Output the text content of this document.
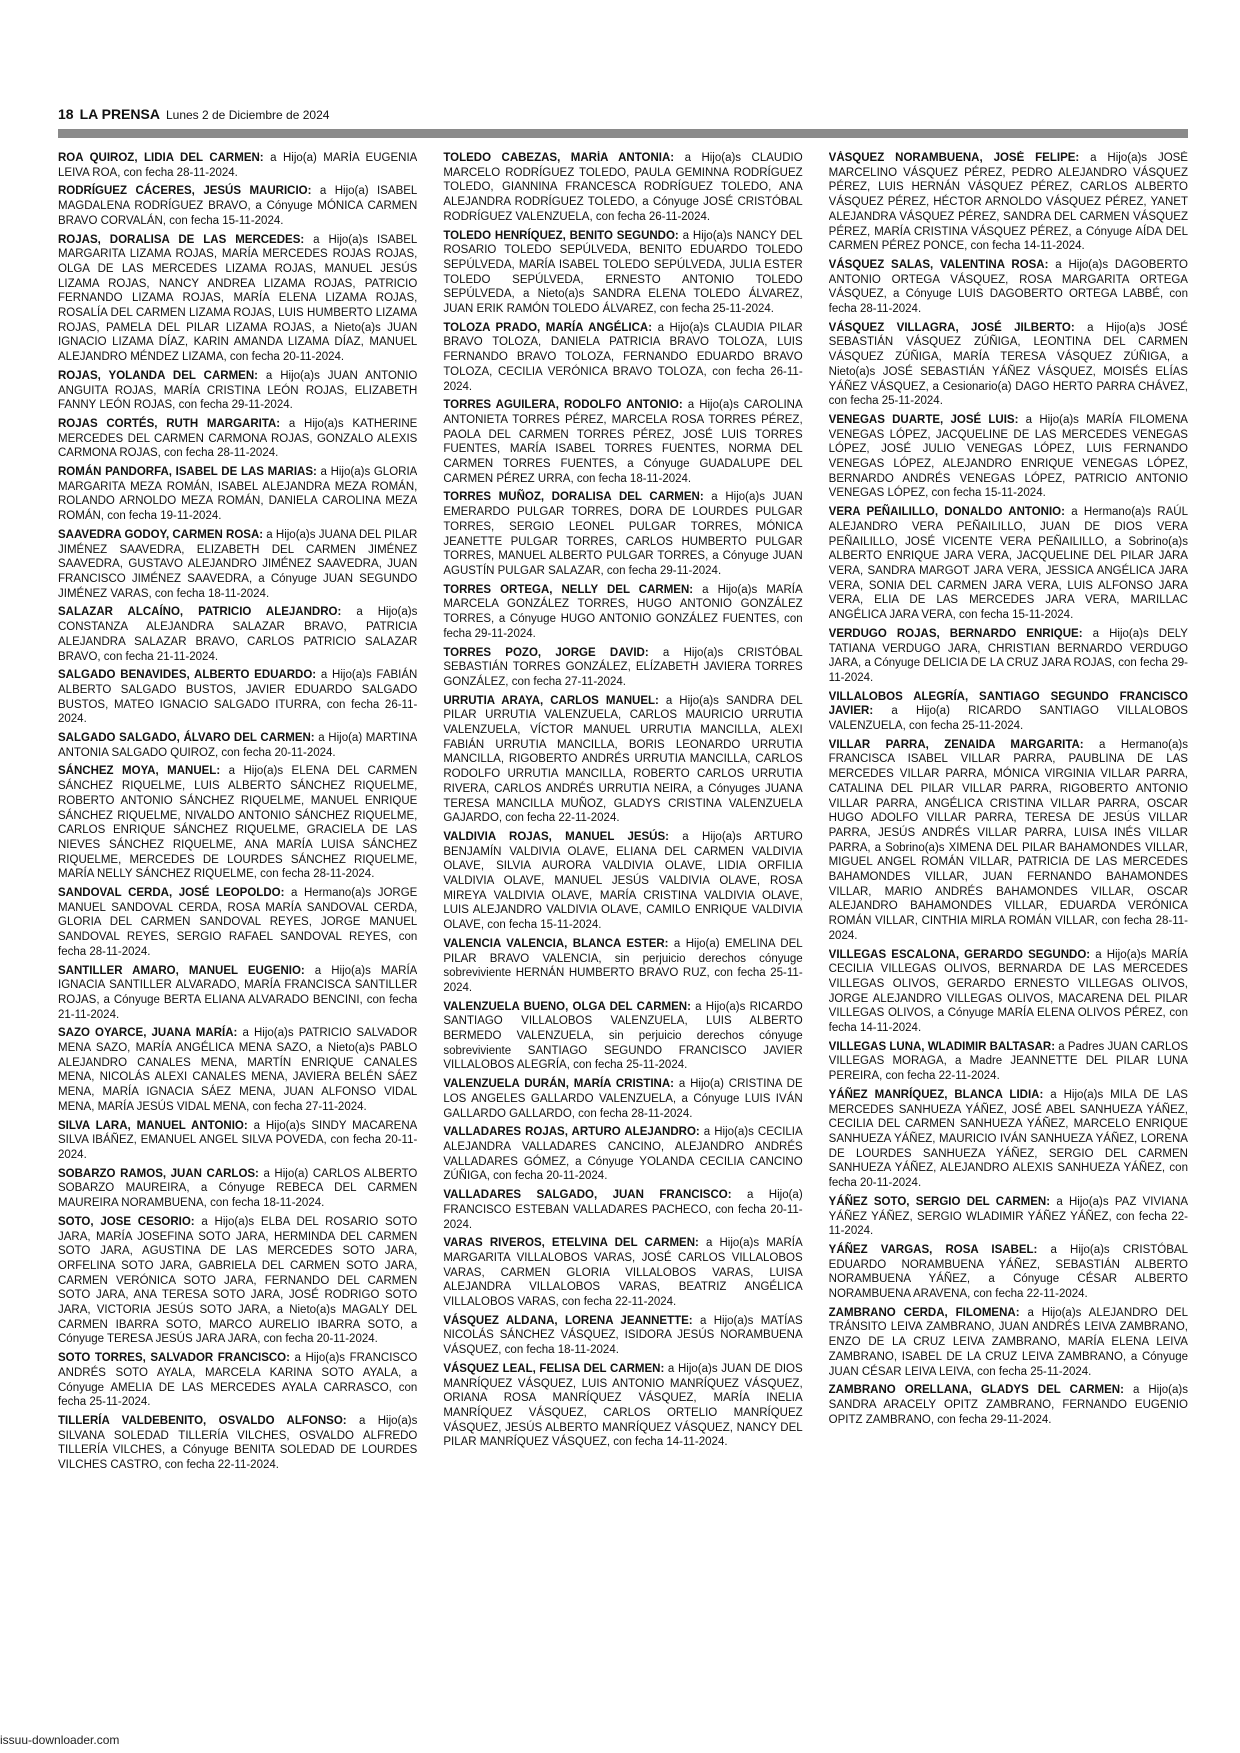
18 LA PRENSA Lunes 2 de Diciembre de 2024

ROA QUIROZ, LIDIA DEL CARMEN: a Hijo(a) MARÍA EUGENIA LEIVA ROA, con fecha 28-11-2024.

RODRÍGUEZ CÁCERES, JESÚS MAURICIO: a Hijo(a) ISABEL MAGDALENA RODRÍGUEZ BRAVO, a Cónyuge MÓNICA CARMEN BRAVO CORVALÁN, con fecha 15-11-2024.

ROJAS, DORALISA DE LAS MERCEDES: a Hijo(a)s ISABEL MARGARITA LIZAMA ROJAS, MARÍA MERCEDES ROJAS ROJAS, OLGA DE LAS MERCEDES LIZAMA ROJAS, MANUEL JESÚS LIZAMA ROJAS, NANCY ANDREA LIZAMA ROJAS, PATRICIO FERNANDO LIZAMA ROJAS, MARÍA ELENA LIZAMA ROJAS, ROSALÍA DEL CARMEN LIZAMA ROJAS, LUIS HUMBERTO LIZAMA ROJAS, PAMELA DEL PILAR LIZAMA ROJAS, a Nieto(a)s JUAN IGNACIO LIZAMA DÍAZ, KARIN AMANDA LIZAMA DÍAZ, MANUEL ALEJANDRO MÉNDEZ LIZAMA, con fecha 20-11-2024.

ROJAS, YOLANDA DEL CARMEN: a Hijo(a)s JUAN ANTONIO ANGUITA ROJAS, MARÍA CRISTINA LEÓN ROJAS, ELIZABETH FANNY LEÓN ROJAS, con fecha 29-11-2024.

ROJAS CORTÉS, RUTH MARGARITA: a Hijo(a)s KATHERINE MERCEDES DEL CARMEN CARMONA ROJAS, GONZALO ALEXIS CARMONA ROJAS, con fecha 28-11-2024.

ROMÁN PANDORFA, ISABEL DE LAS MARIAS: a Hijo(a)s GLORIA MARGARITA MEZA ROMÁN, ISABEL ALEJANDRA MEZA ROMÁN, ROLANDO ARNOLDO MEZA ROMÁN, DANIELA CAROLINA MEZA ROMÁN, con fecha 19-11-2024.

SAAVEDRA GODOY, CARMEN ROSA: a Hijo(a)s JUANA DEL PILAR JIMÉNEZ SAAVEDRA, ELIZABETH DEL CARMEN JIMÉNEZ SAAVEDRA, GUSTAVO ALEJANDRO JIMÉNEZ SAAVEDRA, JUAN FRANCISCO JIMÉNEZ SAAVEDRA, a Cónyuge JUAN SEGUNDO JIMÉNEZ VARAS, con fecha 18-11-2024.

SALAZAR ALCAÍNO, PATRICIO ALEJANDRO: a Hijo(a)s CONSTANZA ALEJANDRA SALAZAR BRAVO, PATRICIA ALEJANDRA SALAZAR BRAVO, CARLOS PATRICIO SALAZAR BRAVO, con fecha 21-11-2024.

SALGADO BENAVIDES, ALBERTO EDUARDO: a Hijo(a)s FABIÁN ALBERTO SALGADO BUSTOS, JAVIER EDUARDO SALGADO BUSTOS, MATEO IGNACIO SALGADO ITURRA, con fecha 26-11- 2024.

SALGADO SALGADO, ÁLVARO DEL CARMEN: a Hijo(a) MARTINA ANTONIA SALGADO QUIROZ, con fecha 20-11-2024.

SÁNCHEZ MOYA, MANUEL: a Hijo(a)s ELENA DEL CARMEN SÁNCHEZ RIQUELME, LUIS ALBERTO SÁNCHEZ RIQUELME, ROBERTO ANTONIO SÁNCHEZ RIQUELME, MANUEL ENRIQUE SÁNCHEZ RIQUELME, NIVALDO ANTONIO SÁNCHEZ RIQUELME, CARLOS ENRIQUE SÁNCHEZ RIQUELME, GRACIELA DE LAS NIEVES SÁNCHEZ RIQUELME, ANA MARÍA LUISA SÁNCHEZ RIQUELME, MERCEDES DE LOURDES SÁNCHEZ RIQUELME, MARÍA NELLY SÁNCHEZ RIQUELME, con fecha 28-11-2024.

SANDOVAL CERDA, JOSÉ LEOPOLDO: a Hermano(a)s JORGE MANUEL SANDOVAL CERDA, ROSA MARÍA SANDOVAL CERDA, GLORIA DEL CARMEN SANDOVAL REYES, JORGE MANUEL SANDOVAL REYES, SERGIO RAFAEL SANDOVAL REYES, con fecha 28-11-2024.

SANTILLER AMARO, MANUEL EUGENIO: a Hijo(a)s MARÍA IGNACIA SANTILLER ALVARADO, MARÍA FRANCISCA SANTILLER ROJAS, a Cónyuge BERTA ELIANA ALVARADO BENCINI, con fecha 21-11-2024.

SAZO OYARCE, JUANA MARÍA: a Hijo(a)s PATRICIO SALVADOR MENA SAZO, MARÍA ANGÉLICA MENA SAZO, a Nieto(a)s PABLO ALEJANDRO CANALES MENA, MARTÍN ENRIQUE CANALES MENA, NICOLÁS ALEXI CANALES MENA, JAVIERA BELÉN SÁEZ MENA, MARÍA IGNACIA SÁEZ MENA, JUAN ALFONSO VIDAL MENA, MARÍA JESÚS VIDAL MENA, con fecha 27-11-2024.

SILVA LARA, MANUEL ANTONIO: a Hijo(a)s SINDY MACARENA SILVA IBÁÑEZ, EMANUEL ANGEL SILVA POVEDA, con fecha 20-11-2024.

SOBARZO RAMOS, JUAN CARLOS: a Hijo(a) CARLOS ALBERTO SOBARZO MAUREIRA, a Cónyuge REBECA DEL CARMEN MAUREIRA NORAMBUENA, con fecha 18-11-2024.

SOTO, JOSE CESORIO: a Hijo(a)s ELBA DEL ROSARIO SOTO JARA, MARÍA JOSEFINA SOTO JARA, HERMINDA DEL CARMEN SOTO JARA, AGUSTINA DE LAS MERCEDES SOTO JARA, ORFELINA SOTO JARA, GABRIELA DEL CARMEN SOTO JARA, CARMEN VERÓNICA SOTO JARA, FERNANDO DEL CARMEN SOTO JARA, ANA TERESA SOTO JARA, JOSÉ RODRIGO SOTO JARA, VICTORIA JESÚS SOTO JARA, a Nieto(a)s MAGALY DEL CARMEN IBARRA SOTO, MARCO AURELIO IBARRA SOTO, a Cónyuge TERESA JESÚS JARA JARA, con fecha 20-11-2024.

SOTO TORRES, SALVADOR FRANCISCO: a Hijo(a)s FRANCISCO ANDRÉS SOTO AYALA, MARCELA KARINA SOTO AYALA, a Cónyuge AMELIA DE LAS MERCEDES AYALA CARRASCO, con fecha 25-11-2024.

TILLERÍA VALDEBENITO, OSVALDO ALFONSO: a Hijo(a)s SILVANA SOLEDAD TILLERÍA VILCHES, OSVALDO ALFREDO TILLERÍA VILCHES, a Cónyuge BENITA SOLEDAD DE LOURDES VILCHES CASTRO, con fecha 22-11-2024.

TOLEDO CABEZAS, MARÍA ANTONIA: a Hijo(a)s CLAUDIO MARCELO RODRÍGUEZ TOLEDO, PAULA GEMINNA RODRÍGUEZ TOLEDO, GIANNINA FRANCESCA RODRÍGUEZ TOLEDO, ANA ALEJANDRA RODRÍGUEZ TOLEDO, a Cónyuge JOSÉ CRISTÓBAL RODRÍGUEZ VALENZUELA, con fecha 26-11-2024.

TOLEDO HENRÍQUEZ, BENITO SEGUNDO: a Hijo(a)s NANCY DEL ROSARIO TOLEDO SEPÚLVEDA, BENITO EDUARDO TOLEDO SEPÚLVEDA, MARÍA ISABEL TOLEDO SEPÚLVEDA, JULIA ESTER TOLEDO SEPÚLVEDA, ERNESTO ANTONIO TOLEDO SEPÚLVEDA, a Nieto(a)s SANDRA ELENA TOLEDO ÁLVAREZ, JUAN ERIK RAMÓN TOLEDO ÁLVAREZ, con fecha 25-11-2024.

TOLOZA PRADO, MARÍA ANGÉLICA: a Hijo(a)s CLAUDIA PILAR BRAVO TOLOZA, DANIELA PATRICIA BRAVO TOLOZA, LUIS FERNANDO BRAVO TOLOZA, FERNANDO EDUARDO BRAVO TOLOZA, CECILIA VERÓNICA BRAVO TOLOZA, con fecha 26-11-2024.

TORRES AGUILERA, RODOLFO ANTONIO: a Hijo(a)s CAROLINA ANTONIETA TORRES PÉREZ, MARCELA ROSA TORRES PÉREZ, PAOLA DEL CARMEN TORRES PÉREZ, JOSÉ LUIS TORRES FUENTES, MARÍA ISABEL TORRES FUENTES, NORMA DEL CARMEN TORRES FUENTES, a Cónyuge GUADALUPE DEL CARMEN PÉREZ URRA, con fecha 18-11-2024.

TORRES MUÑOZ, DORALISA DEL CARMEN: a Hijo(a)s JUAN EMERARDO PULGAR TORRES, DORA DE LOURDES PULGAR TORRES, SERGIO LEONEL PULGAR TORRES, MÓNICA JEANETTE PULGAR TORRES, CARLOS HUMBERTO PULGAR TORRES, MANUEL ALBERTO PULGAR TORRES, a Cónyuge JUAN AGUSTÍN PULGAR SALAZAR, con fecha 29-11-2024.

TORRES ORTEGA, NELLY DEL CARMEN: a Hijo(a)s MARÍA MARCELA GONZÁLEZ TORRES, HUGO ANTONIO GONZÁLEZ TORRES, a Cónyuge HUGO ANTONIO GONZÁLEZ FUENTES, con fecha 29-11-2024.

TORRES POZO, JORGE DAVID: a Hijo(a)s CRISTÓBAL SEBASTIÁN TORRES GONZÁLEZ, ELÍZABETH JAVIERA TORRES GONZÁLEZ, con fecha 27-11-2024.

URRUTIA ARAYA, CARLOS MANUEL: a Hijo(a)s SANDRA DEL PILAR URRUTIA VALENZUELA, CARLOS MAURICIO URRUTIA VALENZUELA, VÍCTOR MANUEL URRUTIA MANCILLA, ALEXI FABIÁN URRUTIA MANCILLA, BORIS LEONARDO URRUTIA MANCILLA, RIGOBERTO ANDRÉS URRUTIA MANCILLA, CARLOS RODOLFO URRUTIA MANCILLA, ROBERTO CARLOS URRUTIA RIVERA, CARLOS ANDRÉS URRUTIA NEIRA, a Cónyuges JUANA TERESA MANCILLA MUÑOZ, GLADYS CRISTINA VALENZUELA GAJARDO, con fecha 22-11-2024.

VALDIVIA ROJAS, MANUEL JESÚS: a Hijo(a)s ARTURO BENJAMÍN VALDIVIA OLAVE, ELIANA DEL CARMEN VALDIVIA OLAVE, SILVIA AURORA VALDIVIA OLAVE, LIDIA ORFILIA VALDIVIA OLAVE, MANUEL JESÚS VALDIVIA OLAVE, ROSA MIREYA VALDIVIA OLAVE, MARÍA CRISTINA VALDIVIA OLAVE, LUIS ALEJANDRO VALDIVIA OLAVE, CAMILO ENRIQUE VALDIVIA OLAVE, con fecha 15-11-2024.

VALENCIA VALENCIA, BLANCA ESTER: a Hijo(a) EMELINA DEL PILAR BRAVO VALENCIA, sin perjuicio derechos cónyuge sobreviviente HERNÁN HUMBERTO BRAVO RUZ, con fecha 25-11-2024.

VALENZUELA BUENO, OLGA DEL CARMEN: a Hijo(a)s RICARDO SANTIAGO VILLALOBOS VALENZUELA, LUIS ALBERTO BERMEDO VALENZUELA, sin perjuicio derechos cónyuge sobreviviente SANTIAGO SEGUNDO FRANCISCO JAVIER VILLALOBOS ALEGRÍA, con fecha 25-11-2024.

VALENZUELA DURÁN, MARÍA CRISTINA: a Hijo(a) CRISTINA DE LOS ANGELES GALLARDO VALENZUELA, a Cónyuge LUIS IVÁN GALLARDO GALLARDO, con fecha 28-11-2024.

VALLADARES ROJAS, ARTURO ALEJANDRO: a Hijo(a)s CECILIA ALEJANDRA VALLADARES CANCINO, ALEJANDRO ANDRÉS VALLADARES GÓMEZ, a Cónyuge YOLANDA CECILIA CANCINO ZÚÑIGA, con fecha 20-11-2024.

VALLADARES SALGADO, JUAN FRANCISCO: a Hijo(a) FRANCISCO ESTEBAN VALLADARES PACHECO, con fecha 20-11-2024.

VARAS RIVEROS, ETELVINA DEL CARMEN: a Hijo(a)s MARÍA MARGARITA VILLALOBOS VARAS, JOSÉ CARLOS VILLALOBOS VARAS, CARMEN GLORIA VILLALOBOS VARAS, LUISA ALEJANDRA VILLALOBOS VARAS, BEATRIZ ANGÉLICA VILLALOBOS VARAS, con fecha 22-11-2024.

VÁSQUEZ ALDANA, LORENA JEANNETTE: a Hijo(a)s MATÍAS NICOLÁS SÁNCHEZ VÁSQUEZ, ISIDORA JESÚS NORAMBUENA VÁSQUEZ, con fecha 18-11-2024.

VÁSQUEZ LEAL, FELISA DEL CARMEN: a Hijo(a)s JUAN DE DIOS MANRÍQUEZ VÁSQUEZ, LUIS ANTONIO MANRÍQUEZ VÁSQUEZ, ORIANA ROSA MANRÍQUEZ VÁSQUEZ, MARÍA INELIA MANRÍQUEZ VÁSQUEZ, CARLOS ORTELIO MANRÍQUEZ VÁSQUEZ, JESÚS ALBERTO MANRÍQUEZ VÁSQUEZ, NANCY DEL PILAR MANRÍQUEZ VÁSQUEZ, con fecha 14-11-2024.

VÁSQUEZ NORAMBUENA, JOSÉ FELIPE: a Hijo(a)s JOSÉ MARCELINO VÁSQUEZ PÉREZ, PEDRO ALEJANDRO VÁSQUEZ PÉREZ, LUIS HERNÁN VÁSQUEZ PÉREZ, CARLOS ALBERTO VÁSQUEZ PÉREZ, HÉCTOR ARNOLDO VÁSQUEZ PÉREZ, YANET ALEJANDRA VÁSQUEZ PÉREZ, SANDRA DEL CARMEN VÁSQUEZ PÉREZ, MARÍA CRISTINA VÁSQUEZ PÉREZ, a Cónyuge AÍDA DEL CARMEN PÉREZ PONCE, con fecha 14-11-2024.

VÁSQUEZ SALAS, VALENTINA ROSA: a Hijo(a)s DAGOBERTO ANTONIO ORTEGA VÁSQUEZ, ROSA MARGARITA ORTEGA VÁSQUEZ, a Cónyuge LUIS DAGOBERTO ORTEGA LABBÉ, con fecha 28-11-2024.

VÁSQUEZ VILLAGRA, JOSÉ JILBERTO: a Hijo(a)s JOSÉ SEBASTIÁN VÁSQUEZ ZÚÑIGA, LEONTINA DEL CARMEN VÁSQUEZ ZÚÑIGA, MARÍA TERESA VÁSQUEZ ZÚÑIGA, a Nieto(a)s JOSÉ SEBASTIÁN YÁÑEZ VÁSQUEZ, MOISÉS ELÍAS YÁÑEZ VÁSQUEZ, a Cesionario(a) DAGO HERTO PARRA CHÁVEZ, con fecha 25-11-2024.

VENEGAS DUARTE, JOSÉ LUIS: a Hijo(a)s MARÍA FILOMENA VENEGAS LÓPEZ, JACQUELINE DE LAS MERCEDES VENEGAS LÓPEZ, JOSÉ JULIO VENEGAS LÓPEZ, LUIS FERNANDO VENEGAS LÓPEZ, ALEJANDRO ENRIQUE VENEGAS LÓPEZ, BERNARDO ANDRÉS VENEGAS LÓPEZ, PATRICIO ANTONIO VENEGAS LÓPEZ, con fecha 15-11-2024.

VERA PEÑAILILLO, DONALDO ANTONIO: a Hermano(a)s RAÚL ALEJANDRO VERA PEÑAILILLO, JUAN DE DIOS VERA PEÑAILILLO, JOSÉ VICENTE VERA PEÑAILILLO, a Sobrino(a)s ALBERTO ENRIQUE JARA VERA, JACQUELINE DEL PILAR JARA VERA, SANDRA MARGOT JARA VERA, JESSICA ANGÉLICA JARA VERA, SONIA DEL CARMEN JARA VERA, LUIS ALFONSO JARA VERA, ELIA DE LAS MERCEDES JARA VERA, MARILLAC ANGÉLICA JARA VERA, con fecha 15-11-2024.

VERDUGO ROJAS, BERNARDO ENRIQUE: a Hijo(a)s DELY TATIANA VERDUGO JARA, CHRISTIAN BERNARDO VERDUGO JARA, a Cónyuge DELICIA DE LA CRUZ JARA ROJAS, con fecha 29-11-2024.

VILLALOBOS ALEGRÍA, SANTIAGO SEGUNDO FRANCISCO JAVIER: a Hijo(a) RICARDO SANTIAGO VILLALOBOS VALENZUELA, con fecha 25-11-2024.

VILLAR PARRA, ZENAIDA MARGARITA: a Hermano(a)s FRANCISCA ISABEL VILLAR PARRA, PAUBLINA DE LAS MERCEDES VILLAR PARRA, MÓNICA VIRGINIA VILLAR PARRA, CATALINA DEL PILAR VILLAR PARRA, RIGOBERTO ANTONIO VILLAR PARRA, ANGÉLICA CRISTINA VILLAR PARRA, OSCAR HUGO ADOLFO VILLAR PARRA, TERESA DE JESÚS VILLAR PARRA, JESÚS ANDRÉS VILLAR PARRA, LUISA INÉS VILLAR PARRA, a Sobrino(a)s XIMENA DEL PILAR BAHAMONDES VILLAR, MIGUEL ANGEL ROMÁN VILLAR, PATRICIA DE LAS MERCEDES BAHAMONDES VILLAR, JUAN FERNANDO BAHAMONDES VILLAR, MARIO ANDRÉS BAHAMONDES VILLAR, OSCAR ALEJANDRO BAHAMONDES VILLAR, EDUARDA VERÓNICA ROMÁN VILLAR, CINTHIA MIRLA ROMÁN VILLAR, con fecha 28-11-2024.

VILLEGAS ESCALONA, GERARDO SEGUNDO: a Hijo(a)s MARÍA CECILIA VILLEGAS OLIVOS, BERNARDA DE LAS MERCEDES VILLEGAS OLIVOS, GERARDO ERNESTO VILLEGAS OLIVOS, JORGE ALEJANDRO VILLEGAS OLIVOS, MACARENA DEL PILAR VILLEGAS OLIVOS, a Cónyuge MARÍA ELENA OLIVOS PÉREZ, con fecha 14-11-2024.

VILLEGAS LUNA, WLADIMIR BALTASAR: a Padres JUAN CARLOS VILLEGAS MORAGA, a Madre JEANNETTE DEL PILAR LUNA PEREIRA, con fecha 22-11-2024.

YÁÑEZ MANRÍQUEZ, BLANCA LIDIA: a Hijo(a)s MILA DE LAS MERCEDES SANHUEZA YÁÑEZ, JOSÉ ABEL SANHUEZA YÁÑEZ, CECILIA DEL CARMEN SANHUEZA YÁÑEZ, MARCELO ENRIQUE SANHUEZA YÁÑEZ, MAURICIO IVÁN SANHUEZA YÁÑEZ, LORENA DE LOURDES SANHUEZA YÁÑEZ, SERGIO DEL CARMEN SANHUEZA YÁÑEZ, ALEJANDRO ALEXIS SANHUEZA YÁÑEZ, con fecha 20-11-2024.

YÁÑEZ SOTO, SERGIO DEL CARMEN: a Hijo(a)s PAZ VIVIANA YÁÑEZ YÁÑEZ, SERGIO WLADIMIR YÁÑEZ YÁÑEZ, con fecha 22-11-2024.

YÁÑEZ VARGAS, ROSA ISABEL: a Hijo(a)s CRISTÓBAL EDUARDO NORAMBUENA YÁÑEZ, SEBASTIÁN ALBERTO NORAMBUENA YÁÑEZ, a Cónyuge CÉSAR ALBERTO NORAMBUENA ARAVENA, con fecha 22-11-2024.

ZAMBRANO CERDA, FILOMENA: a Hijo(a)s ALEJANDRO DEL TRÁNSITO LEIVA ZAMBRANO, JUAN ANDRÉS LEIVA ZAMBRANO, ENZO DE LA CRUZ LEIVA ZAMBRANO, MARÍA ELENA LEIVA ZAMBRANO, ISABEL DE LA CRUZ LEIVA ZAMBRANO, a Cónyuge JUAN CÉSAR LEIVA LEIVA, con fecha 25-11-2024.

ZAMBRANO ORELLANA, GLADYS DEL CARMEN: a Hijo(a)s SANDRA ARACELY OPITZ ZAMBRANO, FERNANDO EUGENIO OPITZ ZAMBRANO, con fecha 29-11-2024.

issuu-downloader.com
